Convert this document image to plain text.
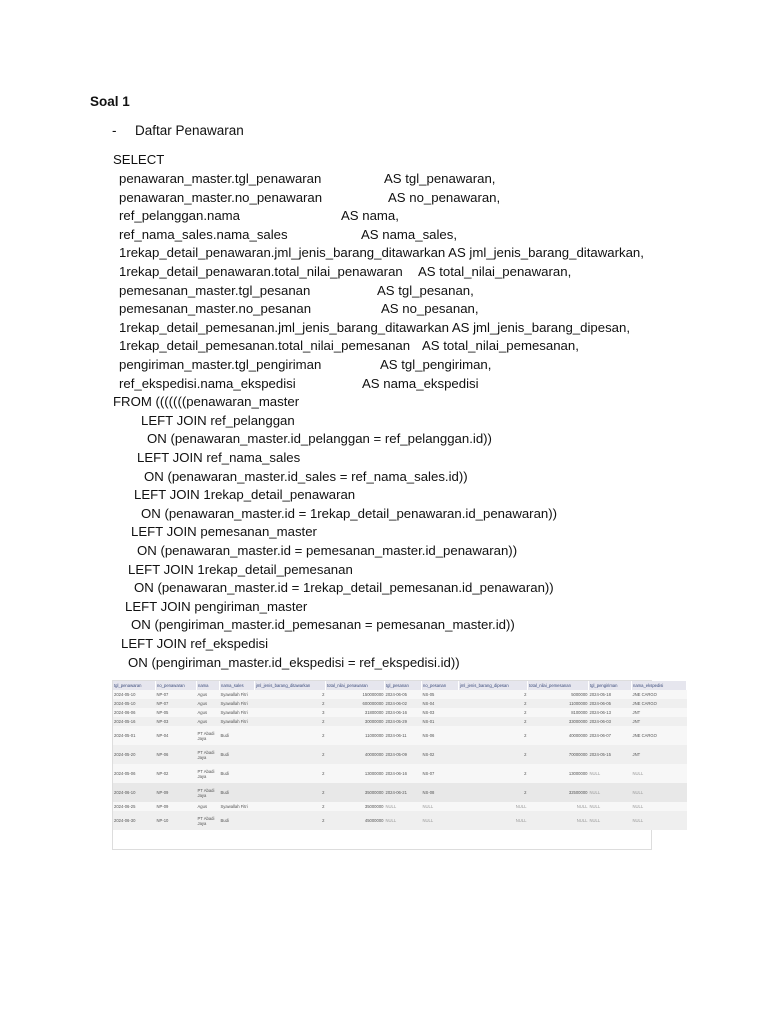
Soal 1
- Daftar Penawaran
SELECT
penawaran_master.tgl_penawaran	AS tgl_penawaran,
penawaran_master.no_penawaran	AS no_penawaran,
ref_pelanggan.nama	AS nama,
ref_nama_sales.nama_sales	AS nama_sales,
1rekap_detail_penawaran.jml_jenis_barang_ditawarkan AS jml_jenis_barang_ditawarkan,
1rekap_detail_penawaran.total_nilai_penawaran AS total_nilai_penawaran,
pemesanan_master.tgl_pesanan	AS tgl_pesanan,
pemesanan_master.no_pesanan	AS no_pesanan,
1rekap_detail_pemesanan.jml_jenis_barang_ditawarkan AS jml_jenis_barang_dipesan,
1rekap_detail_pemesanan.total_nilai_pemesanan AS total_nilai_pemesanan,
pengiriman_master.tgl_pengiriman	AS tgl_pengiriman,
ref_ekspedisi.nama_ekspedisi	AS nama_ekspedisi
FROM (((((((penawaran_master
LEFT JOIN ref_pelanggan
ON (penawaran_master.id_pelanggan = ref_pelanggan.id))
LEFT JOIN ref_nama_sales
ON (penawaran_master.id_sales = ref_nama_sales.id))
LEFT JOIN 1rekap_detail_penawaran
ON (penawaran_master.id = 1rekap_detail_penawaran.id_penawaran))
LEFT JOIN pemesanan_master
ON (penawaran_master.id = pemesanan_master.id_penawaran))
LEFT JOIN 1rekap_detail_pemesanan
ON (penawaran_master.id = 1rekap_detail_pemesanan.id_penawaran))
LEFT JOIN pengiriman_master
ON (pengiriman_master.id_pemesanan = pemesanan_master.id))
LEFT JOIN ref_ekspedisi
ON (pengiriman_master.id_ekspedisi = ref_ekspedisi.id))
tgl_penawaran	no_penawaran	nama	nama_sales	jml_jenis_barang_ditawarkan	total_nilai_penawaran	tgl_pesanan	no_pesanan	jml_jenis_barang_dipesan	total_nilai_pemesanan	tgl_pengiriman	nama_ekspedisi
2024-05-10	NP-07	Agus	Syawallah Fitri	2	150000000	2024-06-05	NS-05	2	5000000	2024-05-18	JNE CARGO
2024-05-10	NP-07	Agus	Syawallah Fitri	2	600000000	2024-06-02	NS-04	2	11000000	2024-06-05	JNE CARGO
2024-06-06	NP-05	Agus	Syawallah Fitri	3	31800000	2024-06-16	NS-03	2	8100000	2024-06-13	JNT
2024-05-16	NP-03	Agus	Syawallah Fitri	2	30000000	2024-05-29	NS-01	2	33000000	2024-06-03	JNT
2024-05-01	NP-04	PT Abadi Jaya	Budi	2	11000000	2024-06-11	NS-06	2	40000000	2024-06-07	JNE CARGO
2024-05-20	NP-06	PT Abadi Jaya	Budi	2	40000000	2024-05-09	NS-02	2	70000000	2024-05-15	JNT
2024-05-06	NP-02	PT Abadi Jaya	Budi	2	13000000	2024-06-16	NS-07	2	13000000	NULL	NULL
2024-06-10	NP-09	PT Abadi Jaya	Budi	2	35000000	2024-06-21	NS-08	2	32500000	NULL	NULL
2024-06-25	NP-09	Agus	Syawallah Fitri	2	35000000	NULL	NULL	NULL	NULL	NULL	NULL
2024-06-30	NP-10	PT Abadi Jaya	Budi	2	45000000	NULL	NULL	NULL	NULL	NULL	NULL
